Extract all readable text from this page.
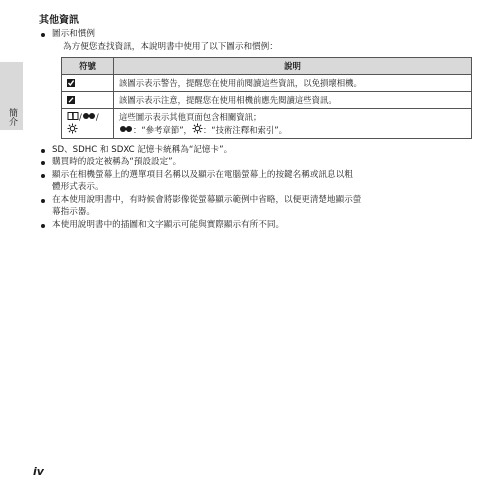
簡介

其他資訊

圖示和慣例
為方便您查找資訊，本說明書中使用了以下圖示和慣例：
符號	說明

	該圖示表示警告，提醒您在使用前閱讀這些資訊，以免損壞相機。

	該圖示表示注意，提醒您在使用相機前應先閱讀這些資訊。
/ /	這些圖示表示其他頁面包含相關資訊；
：“參考章節”， ：“技術注釋和索引”。
SD、SDHC 和 SDXC 記憶卡統稱為“記憶卡”。
購買時的設定被稱為“預設設定”。
顯示在相機螢幕上的選單項目名稱以及顯示在電腦螢幕上的按鍵名稱或訊息以粗
體形式表示。
在本使用說明書中，有時候會將影像從螢幕顯示範例中省略，以便更清楚地顯示螢
幕指示器。
本使用說明書中的插圖和文字顯示可能與實際顯示有所不同。
iv
